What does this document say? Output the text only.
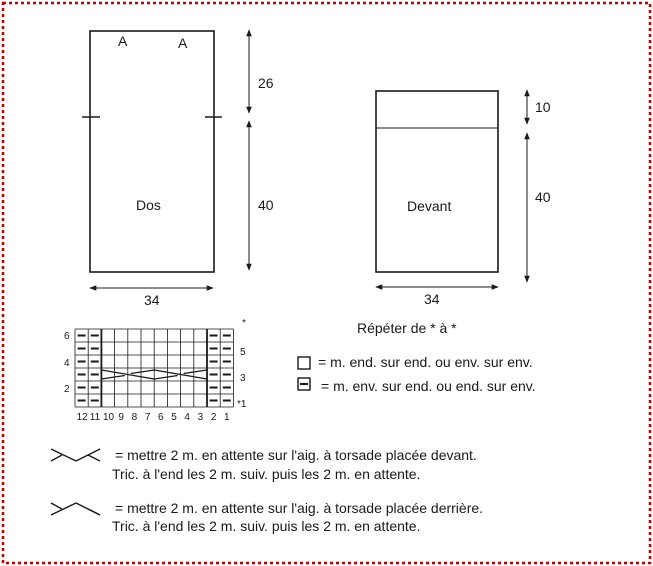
A	A
Dos
26
40
34
Devant
10
40
34
6
4
2
*
5
3
*1
12 11 10 9 8 7 6 5 4 3 2 1
Répéter de * à *
= m. end. sur end. ou env. sur env.
= m. env. sur end. ou end. sur env.
= mettre 2 m. en attente sur l'aig. à torsade placée devant.
Tric. à l'end les 2 m. suiv. puis les 2 m. en attente.
= mettre 2 m. en attente sur l'aig. à torsade placée derrière.
Tric. à l'end les 2 m. suiv. puis les 2 m. en attente.
